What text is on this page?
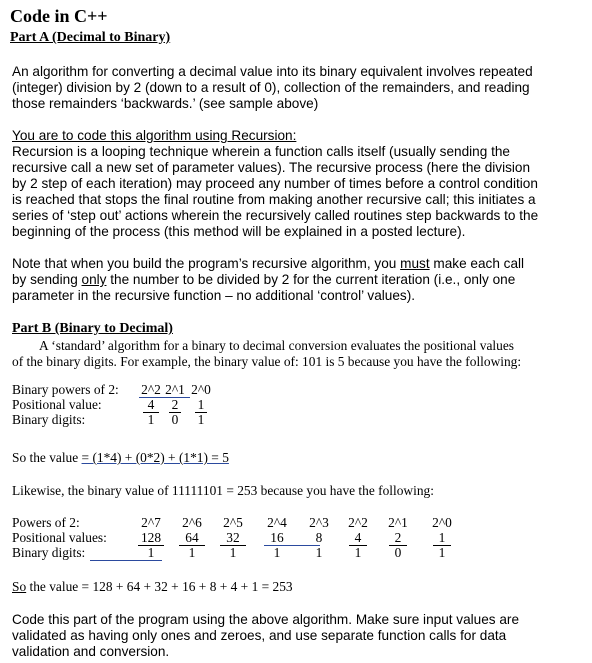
Code in C++
Part A (Decimal to Binary)
An algorithm for converting a decimal value into its binary equivalent involves repeated
(integer) division by 2 (down to a result of 0), collection of the remainders, and reading
those remainders ‘backwards.’ (see sample above)
You are to code this algorithm using Recursion:
Recursion is a looping technique wherein a function calls itself (usually sending the
recursive call a new set of parameter values). The recursive process (here the division
by 2 step of each iteration) may proceed any number of times before a control condition
is reached that stops the final routine from making another recursive call; this initiates a
series of ‘step out’ actions wherein the recursively called routines step backwards to the
beginning of the process (this method will be explained in a posted lecture).
Note that when you build the program’s recursive algorithm, you must make each call
by sending only the number to be divided by 2 for the current iteration (i.e., only one
parameter in the recursive function – no additional ‘control’ values).
Part B (Binary to Decimal)
A ‘standard’ algorithm for a binary to decimal conversion evaluates the positional values
of the binary digits. For example, the binary value of: 101 is 5 because you have the following:
Binary powers of 2: 2^2 2^1 2^0
Positional value:	4	2	1
Binary digits:	1	0	1
So the value = (1*4) + (0*2) + (1*1) = 5
Likewise, the binary value of 11111101 = 253 because you have the following:
Powers of 2:	2^7	2^6	2^5	2^4	2^3	2^2	2^1	2^0
Positional values:	128	64	32	16	8	4	2	1
Binary digits:	1	1	1	1	1	1	0	1
So the value = 128 + 64 + 32 + 16 + 8 + 4 + 1 = 253
Code this part of the program using the above algorithm. Make sure input values are
validated as having only ones and zeroes, and use separate function calls for data
validation and conversion.
